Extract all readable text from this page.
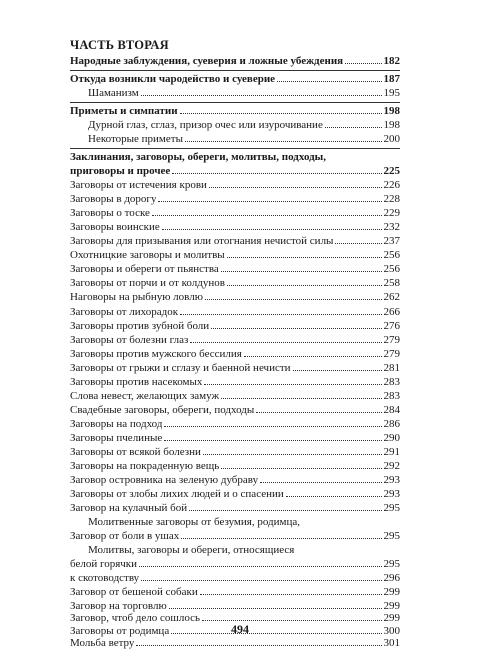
ЧАСТЬ ВТОРАЯ
Народные заблуждения, суеверия и ложные убеждения	182
Откуда возникли чародейство и суеверие	187
Шаманизм	195
Приметы и симпатии	198
Дурной глаз, сглаз, призор очес или изурочивание	198
Некоторые приметы	200
Заклинания, заговоры, обереги, молитвы, подходы,
приговоры и прочее	225
Заговоры от истечения крови	226
Заговоры в дорогу	228
Заговоры о тоске	229
Заговоры воинские	232
Заговоры для призывания или отогнания нечистой силы	237
Охотницкие заговоры и молитвы	256
Заговоры и обереги от пьянства	256
Заговоры от порчи и от колдунов	258
Наговоры на рыбную ловлю	262
Заговоры от лихорадок	266
Заговоры против зубной боли	276
Заговоры от болезни глаз	279
Заговоры против мужского бессилия	279
Заговоры от грыжи и сглазу и баенной нечисти	281
Заговоры против насекомых	283
Слова невест, желающих замуж	283
Свадебные заговоры, обереги, подходы	284
Заговоры на подход	286
Заговоры пчелиные	290
Заговоры от всякой болезни	291
Заговоры на покраденную вещь	292
Заговор островника на зеленую дубраву	293
Заговоры от злобы лихих людей и о спасении	293
Заговор на кулачный бой	295
Молитвенные заговоры от безумия, родимца,
Заговор от боли в ушах	295
Молитвы, заговоры и обереги, относящиеся
белой горячки	295
к скотоводству	296
Заговор от бешеной собаки	299
Заговор на торговлю	299
Заговор, чтоб дело сошлось	299
Заговоры от родимца	300
Мольба ветру	301
494
